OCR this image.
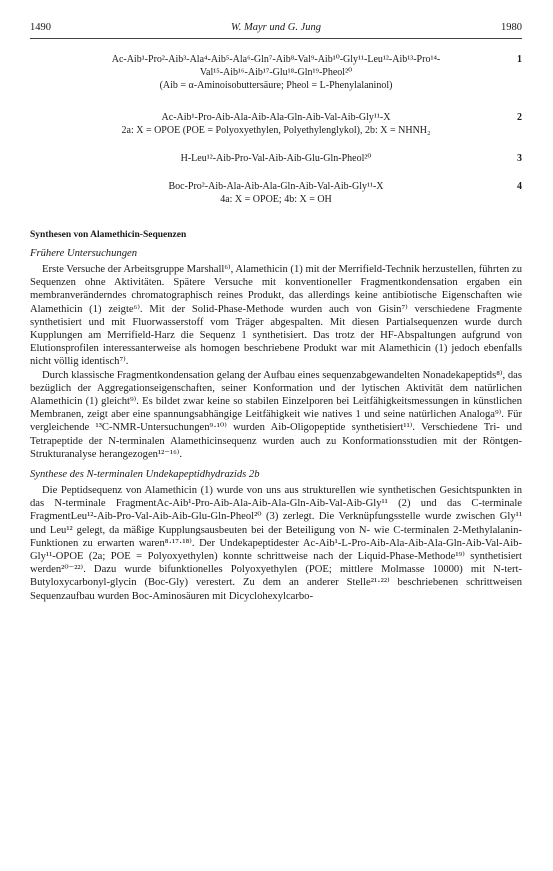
1490	W. Mayr und G. Jung	1980
Ac-Aib¹-Pro²-Aib³-Ala⁴-Aib⁵-Ala⁶-Gln⁷-Aib⁸-Val⁹-Aib¹⁰-Gly¹¹-Leu¹²-Aib¹³-Pro¹⁴-
Val¹⁵-Aib¹⁶-Aib¹⁷-Glu¹⁸-Gln¹⁹-Pheol²⁰
(Aib = α-Aminoisobuttersäure; Pheol = L-Phenylalaninol)
1
Ac-Aib¹-Pro-Aib-Ala-Aib-Ala-Gln-Aib-Val-Aib-Gly¹¹-X
2a: X = OPOE (POE = Polyoxyethylen, Polyethylenglykol), 2b: X = NHNH₂
2
H-Leu¹²-Aib-Pro-Val-Aib-Aib-Glu-Gln-Pheol²⁰	3
Boc-Pro²-Aib-Ala-Aib-Ala-Gln-Aib-Val-Aib-Gly¹¹-X
4a: X = OPOE; 4b: X = OH
4
Synthesen von Alamethicin-Sequenzen
Frühere Untersuchungen

Erste Versuche der Arbeitsgruppe Marshall⁶⁾, Alamethicin (1) mit der Merrifield-Technik herzustellen, führten zu Sequenzen ohne Aktivitäten. Spätere Versuche mit konventioneller Fragmentkondensation ergaben ein membranveränderndes chromatographisch reines Produkt, das allerdings keine antibiotische Eigenschaften wie Alamethicin (1) zeigte⁶⁾. Mit der Solid-Phase-Methode wurden auch von Gisin⁷⁾ verschiedene Fragmente synthetisiert und mit Fluorwasserstoff vom Träger abgespalten. Mit diesen Partialsequenzen wurde durch Kupplungen am Merrifield-Harz die Sequenz 1 synthetisiert. Das trotz der HF-Abspaltungen aufgrund von Elutionsprofilen interessanterweise als homogen beschriebene Produkt war mit Alamethicin (1) jedoch ebenfalls nicht völlig identisch⁷⁾.

Durch klassische Fragmentkondensation gelang der Aufbau eines sequenzabgewandelten Nonadekapeptids⁸⁾, das bezüglich der Aggregationseigenschaften, seiner Konformation und der lytischen Aktivität dem natürlichen Alamethicin (1) gleicht⁹⁾. Es bildet zwar keine so stabilen Einzelporen bei Leitfähigkeitsmessungen in künstlichen Membranen, zeigt aber eine spannungsabhängige Leitfähigkeit wie natives 1 und seine natürlichen Analoga⁹⁾. Für vergleichende ¹³C-NMR-Untersuchungen⁹·¹⁰⁾ wurden Aib-Oligopeptide synthetisiert¹¹⁾. Verschiedene Tri- und Tetrapeptide der N-terminalen Alamethicinsequenz wurden auch zu Konformationsstudien mit der Röntgen-Strukturanalyse herangezogen¹²⁻¹⁶⁾.

Synthese des N-terminalen Undekapeptidhydrazids 2b

Die Peptidsequenz von Alamethicin (1) wurde von uns aus strukturellen wie synthetischen Gesichtspunkten in das N-terminale FragmentAc-Aib¹-Pro-Aib-Ala-Aib-Ala-Gln-Aib-Val-Aib-Gly¹¹ (2) und das C-terminale FragmentLeu¹²-Aib-Pro-Val-Aib-Aib-Glu-Gln-Pheol²⁰ (3) zerlegt. Die Verknüpfungsstelle wurde zwischen Gly¹¹ und Leu¹² gelegt, da mäßige Kupplungsausbeuten bei der Beteiligung von N- wie C-terminalen 2-Methylalanin-Funktionen zu erwarten waren⁸·¹⁷·¹⁸⁾. Der Undekapeptidester Ac-Aib¹-L-Pro-Aib-Ala-Aib-Ala-Gln-Aib-Val-Aib-Gly¹¹-OPOE (2a; POE = Polyoxyethylen) konnte schrittweise nach der Liquid-Phase-Methode¹⁹⁾ synthetisiert werden²⁰⁻²²⁾. Dazu wurde bifunktionelles Polyoxyethylen (POE; mittlere Molmasse 10000) mit N-tert-Butyloxycarbonyl-glycin (Boc-Gly) verestert. Zu dem an anderer Stelle²¹·²²⁾ beschriebenen schrittweisen Sequenzaufbau wurden Boc-Aminosäuren mit Dicyclohexylcarbo-
